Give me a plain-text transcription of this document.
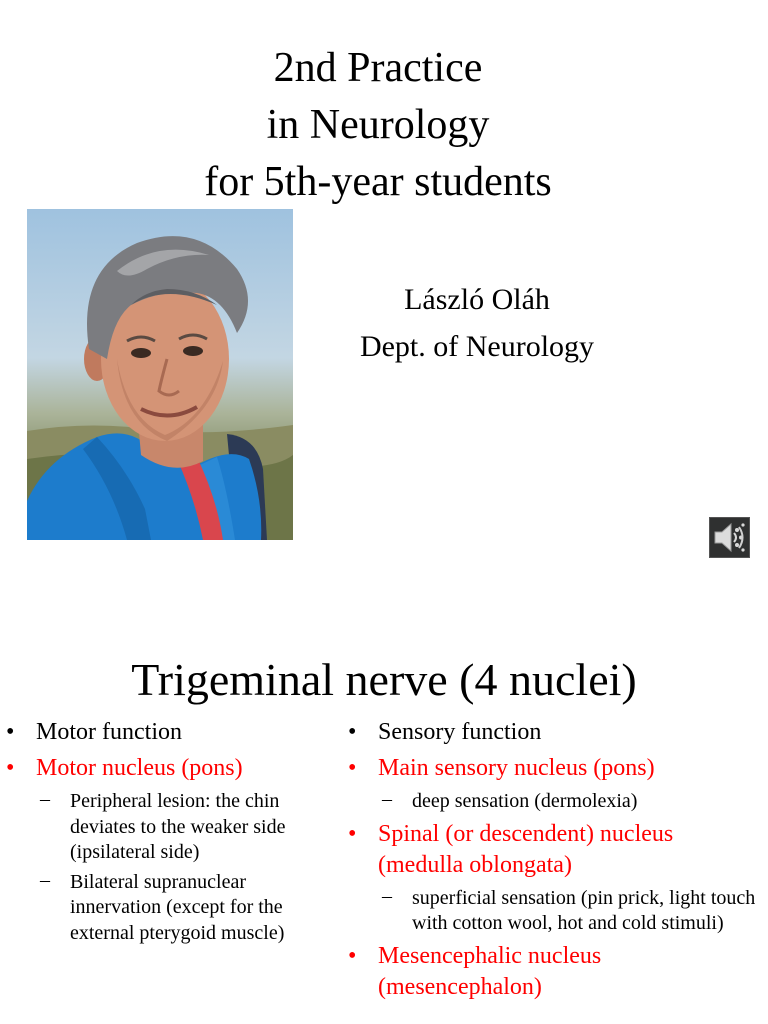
2nd Practice
in Neurology
for 5th-year students
László Oláh
Dept. of Neurology
Trigeminal nerve (4 nuclei)
• Motor function
• Motor nucleus (pons)
–	Peripheral lesion: the chin deviates to the weaker side (ipsilateral side)
–	Bilateral supranuclear innervation (except for the external pterygoid muscle)
• Sensory function
• Main sensory nucleus (pons)
–	deep sensation (dermolexia)
• Spinal (or descendent) nucleus (medulla oblongata)
–	superficial sensation (pin prick, light touch with cotton wool, hot and cold stimuli)
• Mesencephalic nucleus (mesencephalon)
